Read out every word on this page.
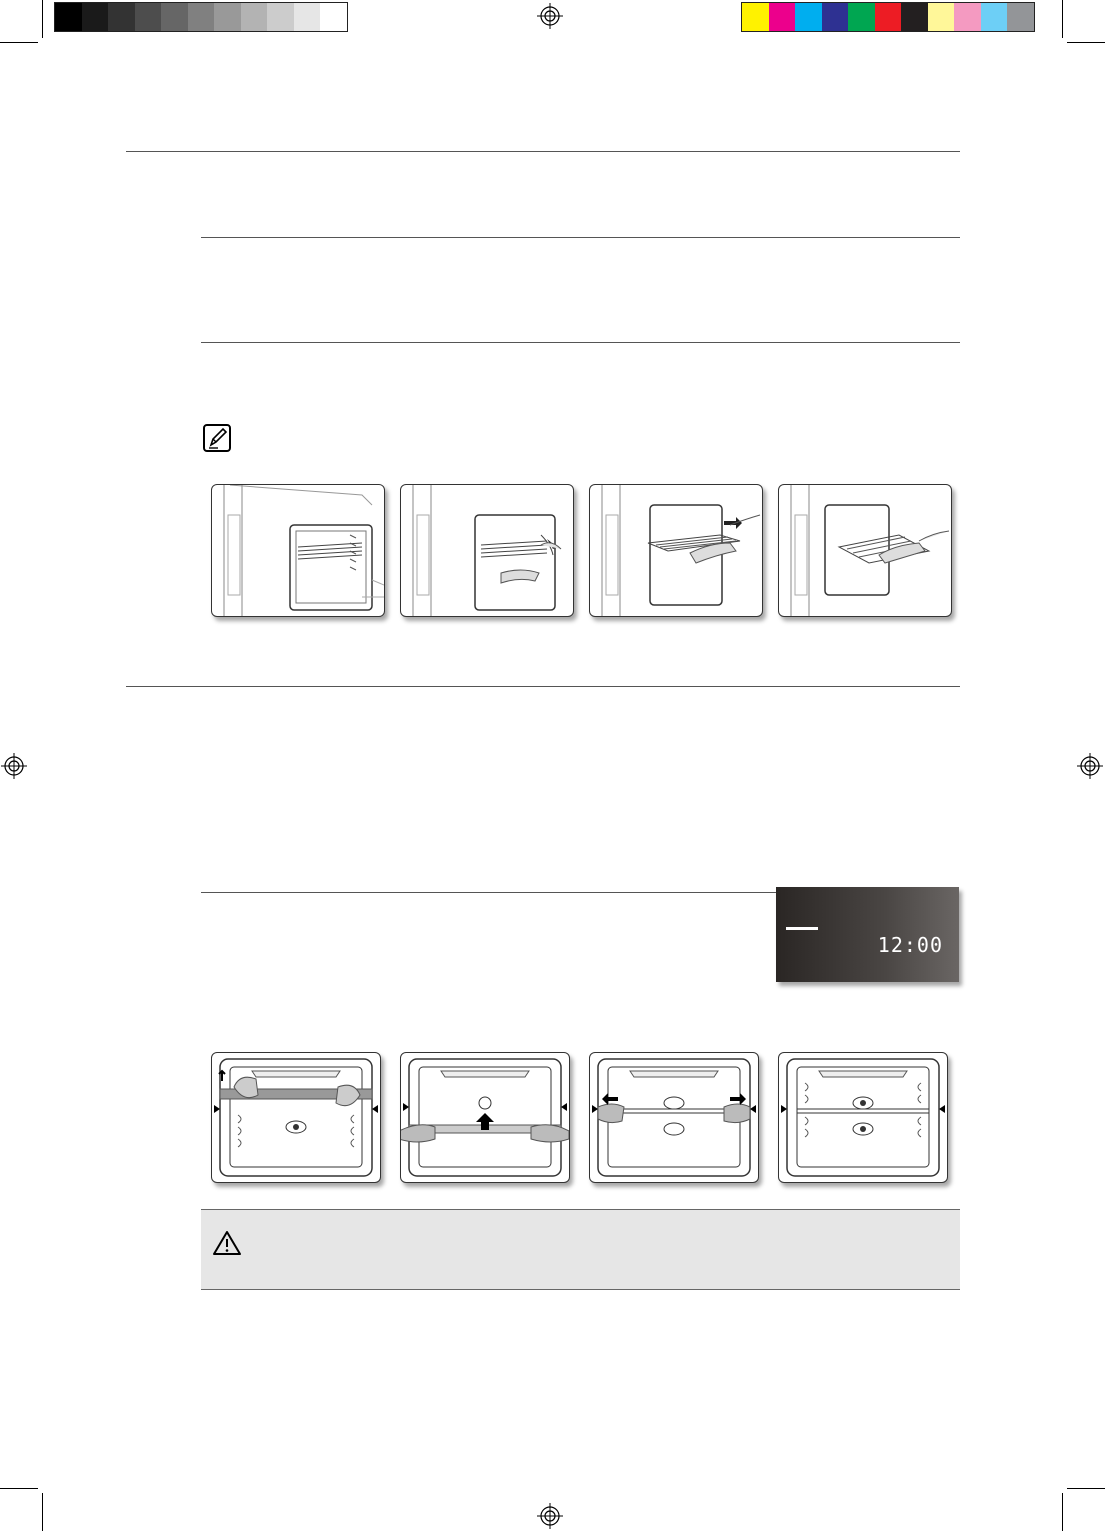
12:00
